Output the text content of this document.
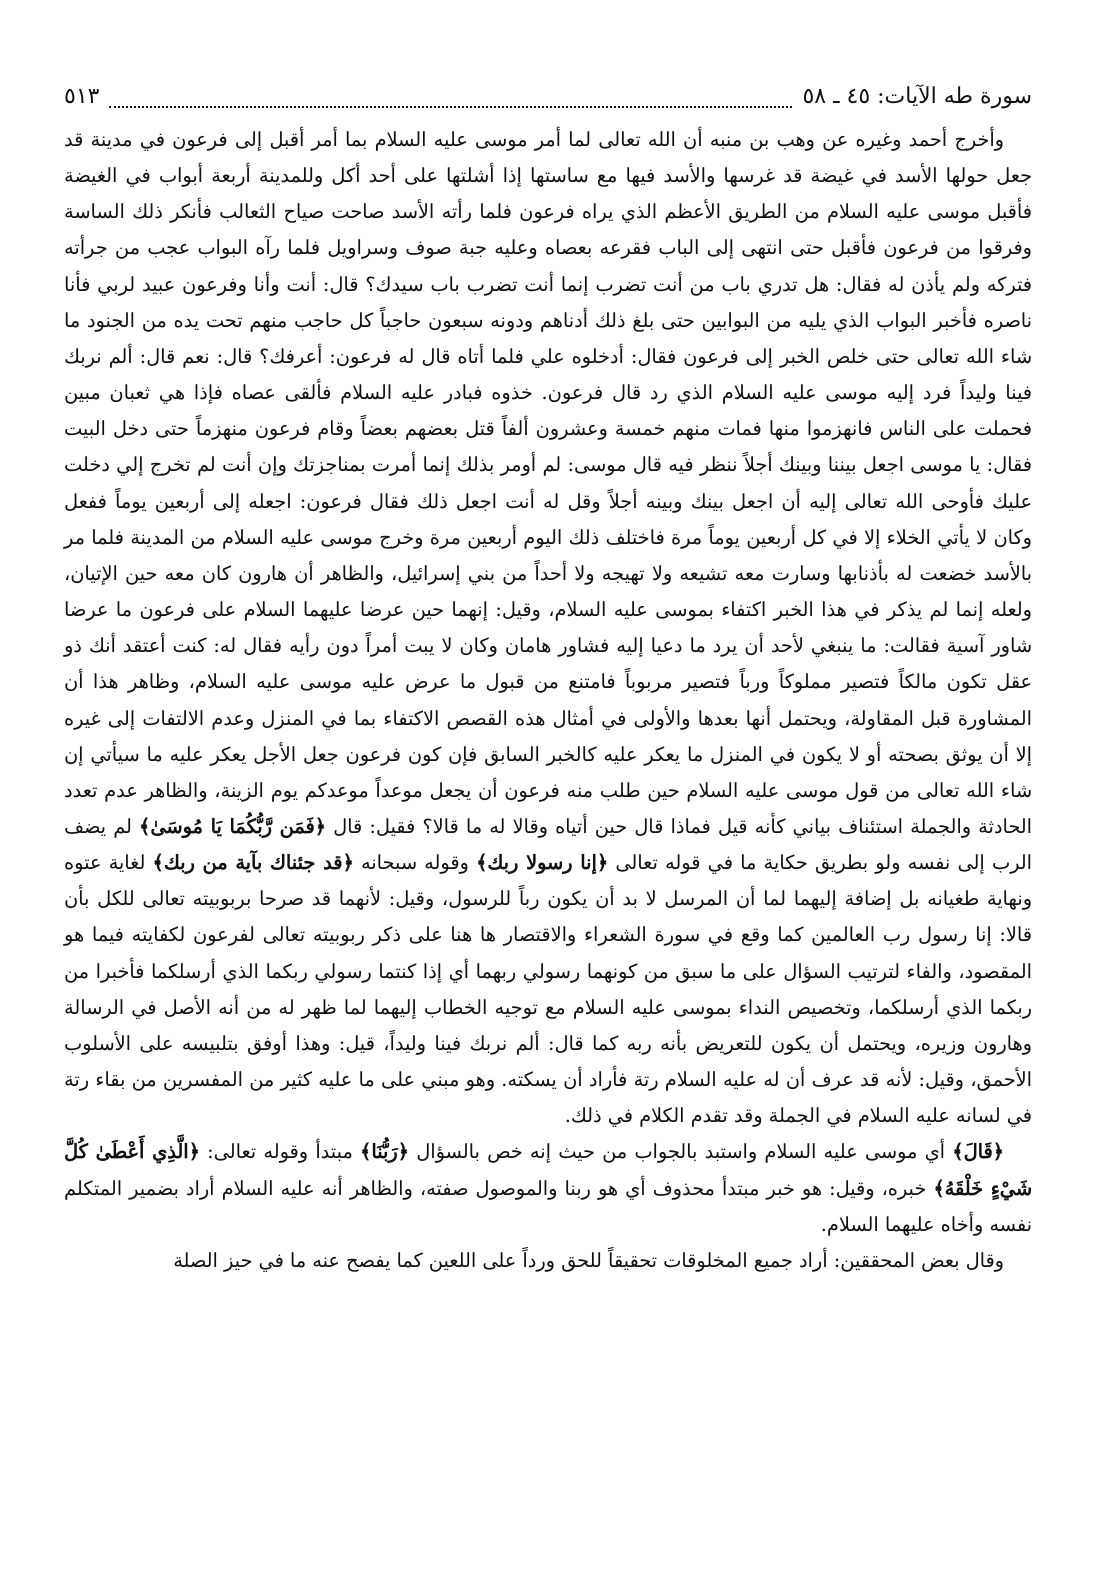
سورة طه الآيات: ٤٥ ـ ٥٨
٥١٣

وأخرج أحمد وغيره عن وهب بن منبه أن الله تعالى لما أمر موسى عليه السلام بما أمر أقبل إلى فرعون في مدينة قد جعل حولها الأسد في غيضة قد غرسها والأسد فيها مع ساستها إذا أشلتها على أحد أكل وللمدينة أربعة أبواب في الغيضة فأقبل موسى عليه السلام من الطريق الأعظم الذي يراه فرعون فلما رأته الأسد صاحت صياح الثعالب فأنكر ذلك الساسة وفرقوا من فرعون فأقبل حتى انتهى إلى الباب فقرعه بعصاه وعليه جبة صوف وسراويل فلما رآه البواب عجب من جرأته فتركه ولم يأذن له فقال: هل تدري باب من أنت تضرب إنما أنت تضرب باب سيدك؟ قال: أنت وأنا وفرعون عبيد لربي فأنا ناصره فأخبر البواب الذي يليه من البوابين حتى بلغ ذلك أدناهم ودونه سبعون حاجباً كل حاجب منهم تحت يده من الجنود ما شاء الله تعالى حتى خلص الخبر إلى فرعون فقال: أدخلوه علي فلما أتاه قال له فرعون: أعرفك؟ قال: نعم قال: ألم نربك فينا وليداً فرد إليه موسى عليه السلام الذي رد قال فرعون. خذوه فبادر عليه السلام فألقى عصاه فإذا هي ثعبان مبين فحملت على الناس فانهزموا منها فمات منهم خمسة وعشرون ألفاً قتل بعضهم بعضاً وقام فرعون منهزماً حتى دخل البيت فقال: يا موسى اجعل بيننا وبينك أجلاً ننظر فيه قال موسى: لم أومر بذلك إنما أمرت بمناجزتك وإن أنت لم تخرج إلي دخلت عليك فأوحى الله تعالى إليه أن اجعل بينك وبينه أجلاً وقل له أنت اجعل ذلك فقال فرعون: اجعله إلى أربعين يوماً ففعل وكان لا يأتي الخلاء إلا في كل أربعين يوماً مرة فاختلف ذلك اليوم أربعين مرة وخرج موسى عليه السلام من المدينة فلما مر بالأسد خضعت له بأذنابها وسارت معه تشيعه ولا تهيجه ولا أحداً من بني إسرائيل، والظاهر أن هارون كان معه حين الإتيان، ولعله إنما لم يذكر في هذا الخبر اكتفاء بموسى عليه السلام، وقيل: إنهما حين عرضا عليهما السلام على فرعون ما عرضا شاور آسية فقالت: ما ينبغي لأحد أن يرد ما دعيا إليه فشاور هامان وكان لا يبت أمراً دون رأيه فقال له: كنت أعتقد أنك ذو عقل تكون مالكاً فتصير مملوكاً ورباً فتصير مربوباً فامتنع من قبول ما عرض عليه موسى عليه السلام، وظاهر هذا أن المشاورة قبل المقاولة، ويحتمل أنها بعدها والأولى في أمثال هذه القصص الاكتفاء بما في المنزل وعدم الالتفات إلى غيره إلا أن يوثق بصحته أو لا يكون في المنزل ما يعكر عليه كالخبر السابق فإن كون فرعون جعل الأجل يعكر عليه ما سيأتي إن شاء الله تعالى من قول موسى عليه السلام حين طلب منه فرعون أن يجعل موعداً موعدكم يوم الزينة، والظاهر عدم تعدد الحادثة والجملة استئناف بياني كأنه قيل فماذا قال حين أتياه وقالا له ما قالا؟ فقيل: قال ﴿فَمَن رَّبُّكُمَا يَا مُوسَىٰ﴾ لم يضف الرب إلى نفسه ولو بطريق حكاية ما في قوله تعالى ﴿إنا رسولا ربك﴾ وقوله سبحانه ﴿قد جئناك بآية من ربك﴾ لغاية عتوه ونهاية طغيانه بل إضافة إليهما لما أن المرسل لا بد أن يكون رباً للرسول، وقيل: لأنهما قد صرحا بربوبيته تعالى للكل بأن قالا: إنا رسول رب العالمين كما وقع في سورة الشعراء والاقتصار ها هنا على ذكر ربوبيته تعالى لفرعون لكفايته فيما هو المقصود، والفاء لترتيب السؤال على ما سبق من كونهما رسولي ربهما أي إذا كنتما رسولي ربكما الذي أرسلكما فأخبرا من ربكما الذي أرسلكما، وتخصيص النداء بموسى عليه السلام مع توجيه الخطاب إليهما لما ظهر له من أنه الأصل في الرسالة وهارون وزيره، ويحتمل أن يكون للتعريض بأنه ربه كما قال: ألم نربك فينا وليداً، قيل: وهذا أوفق بتلبيسه على الأسلوب الأحمق، وقيل: لأنه قد عرف أن له عليه السلام رتة فأراد أن يسكته. وهو مبني على ما عليه كثير من المفسرين من بقاء رتة في لسانه عليه السلام في الجملة وقد تقدم الكلام في ذلك.

﴿قَالَ﴾ أي موسى عليه السلام واستبد بالجواب من حيث إنه خص بالسؤال ﴿رَبُّنَا﴾ مبتدأ وقوله تعالى: ﴿الَّذِي أَعْطَىٰ كُلَّ شَيْءٍ خَلْقَهُ﴾ خبره، وقيل: هو خبر مبتدأ محذوف أي هو ربنا والموصول صفته، والظاهر أنه عليه السلام أراد بضمير المتكلم نفسه وأخاه عليهما السلام.

وقال بعض المحققين: أراد جميع المخلوقات تحقيقاً للحق ورداً على اللعين كما يفصح عنه ما في حيز الصلة
